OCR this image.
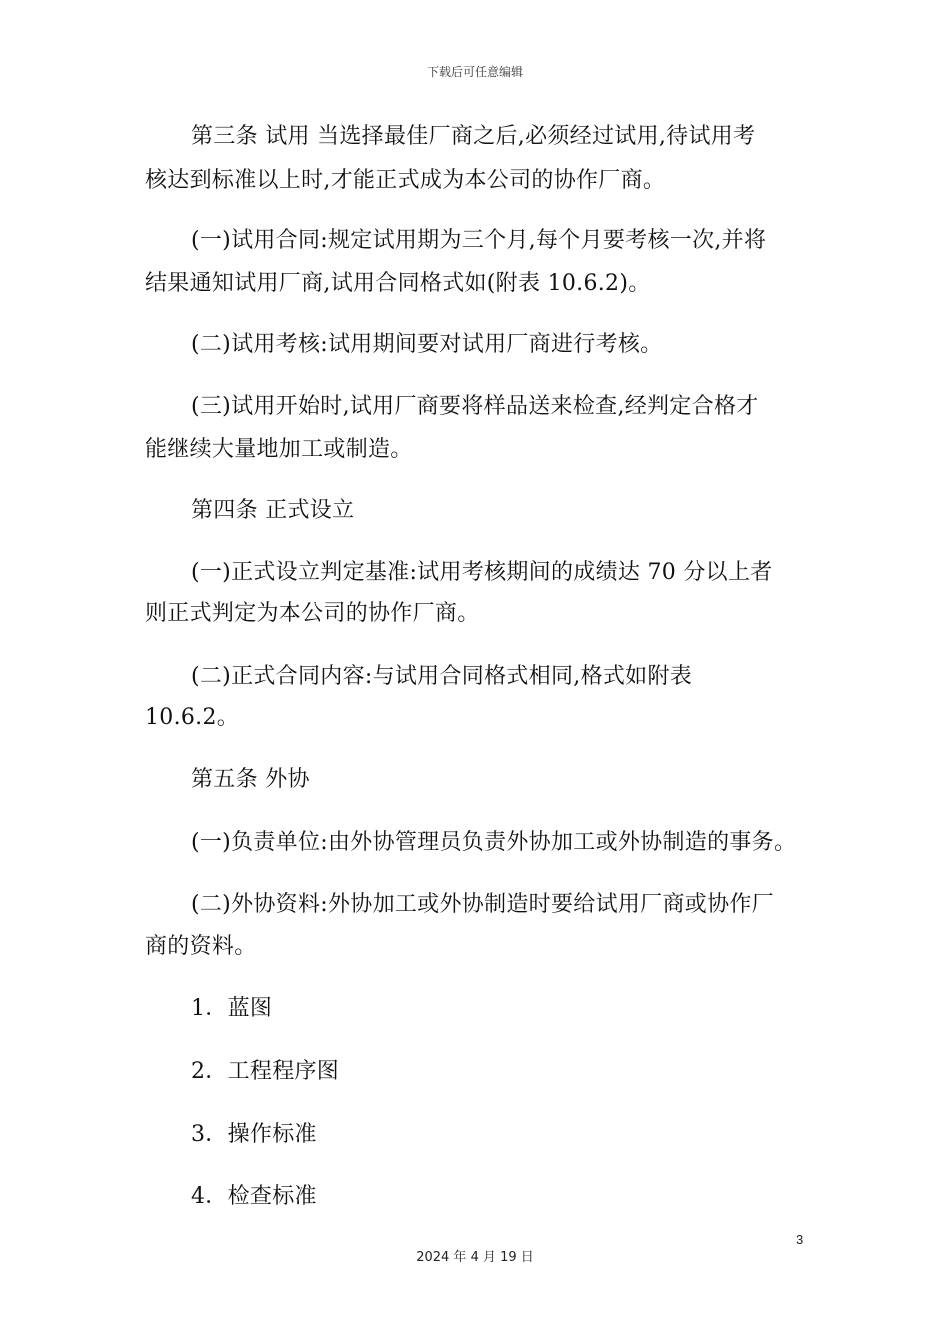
下载后可任意编辑
第三条 试用 当选择最佳厂商之后,必须经过试用,待试用考
核达到标准以上时,才能正式成为本公司的协作厂商。
(一)试用合同:规定试用期为三个月,每个月要考核一次,并将
结果通知试用厂商,试用合同格式如(附表 10.6.2)。
(二)试用考核:试用期间要对试用厂商进行考核。
(三)试用开始时,试用厂商要将样品送来检查,经判定合格才
能继续大量地加工或制造。
第四条 正式设立
(一)正式设立判定基准:试用考核期间的成绩达 70 分以上者
则正式判定为本公司的协作厂商。
(二)正式合同内容:与试用合同格式相同,格式如附表
10.6.2。
第五条 外协
(一)负责单位:由外协管理员负责外协加工或外协制造的事务。
(二)外协资料:外协加工或外协制造时要给试用厂商或协作厂
商的资料。
1．蓝图
2．工程程序图
3．操作标准
4．检查标准
3
2024 年 4 月 19 日
